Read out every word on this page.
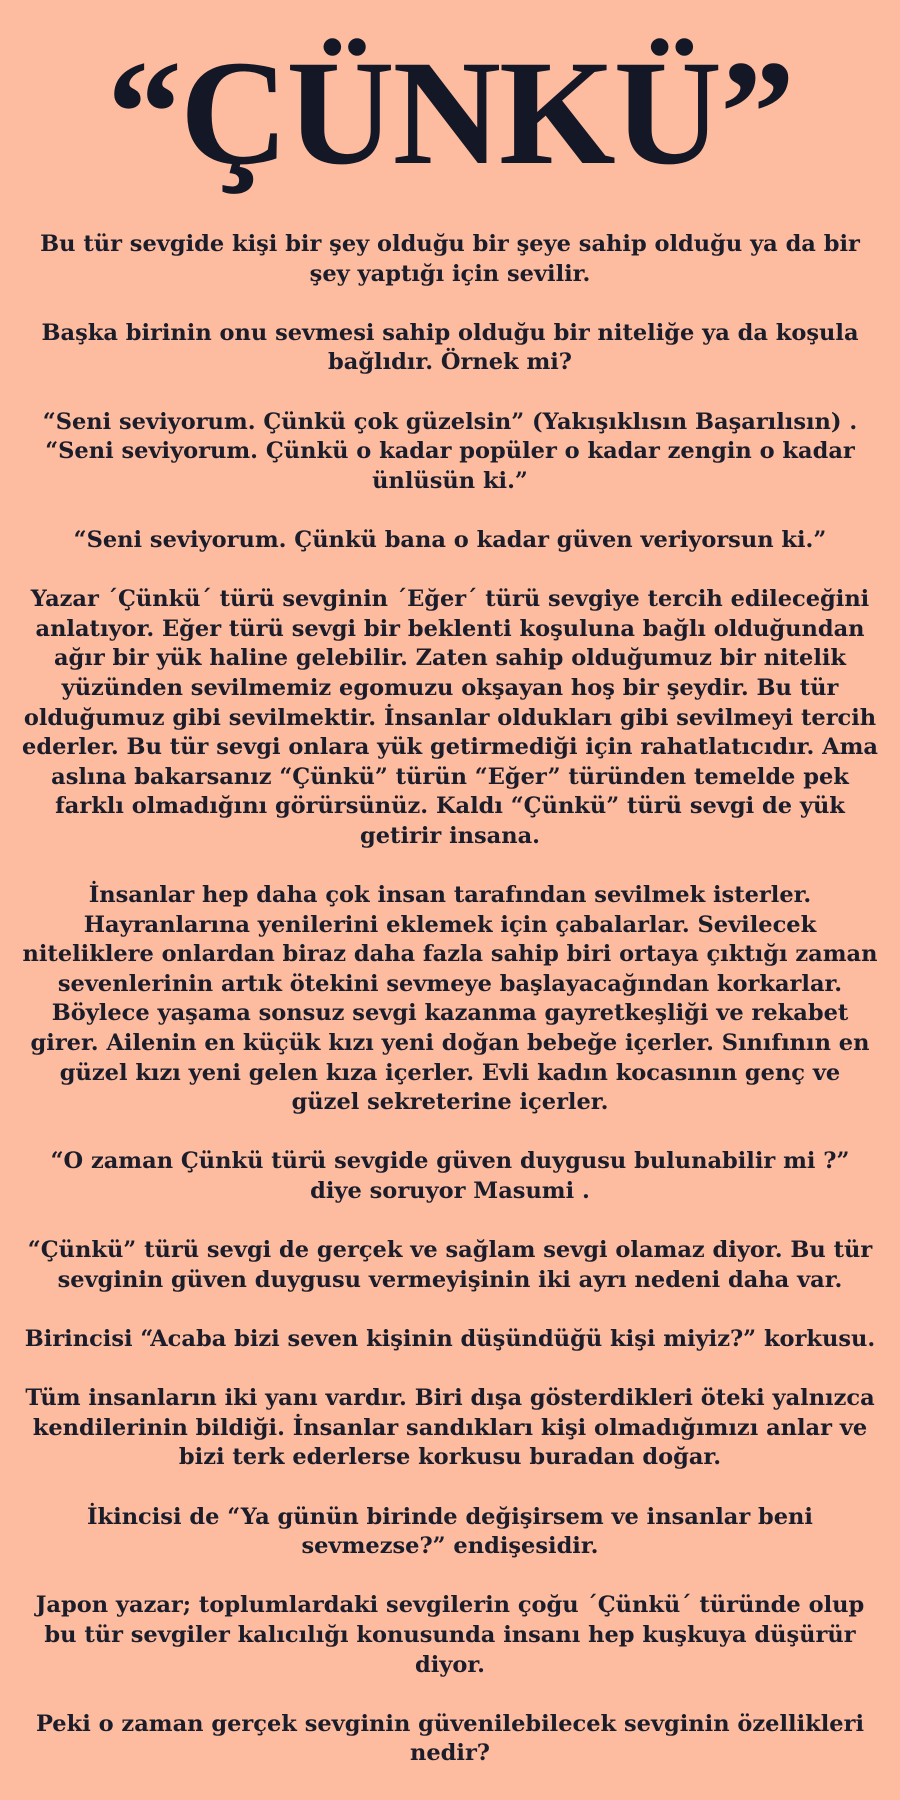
“ÇÜNKÜ”

Bu tür sevgide kişi bir şey olduğu bir şeye sahip olduğu ya da bir şey yaptığı için sevilir.

Başka birinin onu sevmesi sahip olduğu bir niteliğe ya da koşula bağlıdır. Örnek mi?

“Seni seviyorum. Çünkü çok güzelsin” (Yakışıklısın Başarılısın) . “Seni seviyorum. Çünkü o kadar popüler o kadar zengin o kadar ünlüsün ki.”

“Seni seviyorum. Çünkü bana o kadar güven veriyorsun ki.”

Yazar ´Çünkü´ türü sevginin ´Eğer´ türü sevgiye tercih edileceğini anlatıyor. Eğer türü sevgi bir beklenti koşuluna bağlı olduğundan ağır bir yük haline gelebilir. Zaten sahip olduğumuz bir nitelik yüzünden sevilmemiz egomuzu okşayan hoş bir şeydir. Bu tür olduğumuz gibi sevilmektir. İnsanlar oldukları gibi sevilmeyi tercih ederler. Bu tür sevgi onlara yük getirmediği için rahatlatıcıdır. Ama aslına bakarsanız “Çünkü” türün “Eğer” türünden temelde pek farklı olmadığını görürsünüz. Kaldı “Çünkü” türü sevgi de yük getirir insana.

İnsanlar hep daha çok insan tarafından sevilmek isterler. Hayranlarına yenilerini eklemek için çabalarlar. Sevilecek niteliklere onlardan biraz daha fazla sahip biri ortaya çıktığı zaman sevenlerinin artık ötekini sevmeye başlayacağından korkarlar. Böylece yaşama sonsuz sevgi kazanma gayretkeşliği ve rekabet girer. Ailenin en küçük kızı yeni doğan bebeğe içerler. Sınıfının en güzel kızı yeni gelen kıza içerler. Evli kadın kocasının genç ve güzel sekreterine içerler.

“O zaman Çünkü türü sevgide güven duygusu bulunabilir mi ?” diye soruyor Masumi .

“Çünkü” türü sevgi de gerçek ve sağlam sevgi olamaz diyor. Bu tür sevginin güven duygusu vermeyişinin iki ayrı nedeni daha var.

Birincisi “Acaba bizi seven kişinin düşündüğü kişi miyiz?” korkusu.

Tüm insanların iki yanı vardır. Biri dışa gösterdikleri öteki yalnızca kendilerinin bildiği. İnsanlar sandıkları kişi olmadığımızı anlar ve bizi terk ederlerse korkusu buradan doğar.

İkincisi de “Ya günün birinde değişirsem ve insanlar beni sevmezse?” endişesidir.

Japon yazar; toplumlardaki sevgilerin çoğu ´Çünkü´ türünde olup bu tür sevgiler kalıcılığı konusunda insanı hep kuşkuya düşürür diyor.

Peki o zaman gerçek sevginin güvenilebilecek sevginin özellikleri nedir?
